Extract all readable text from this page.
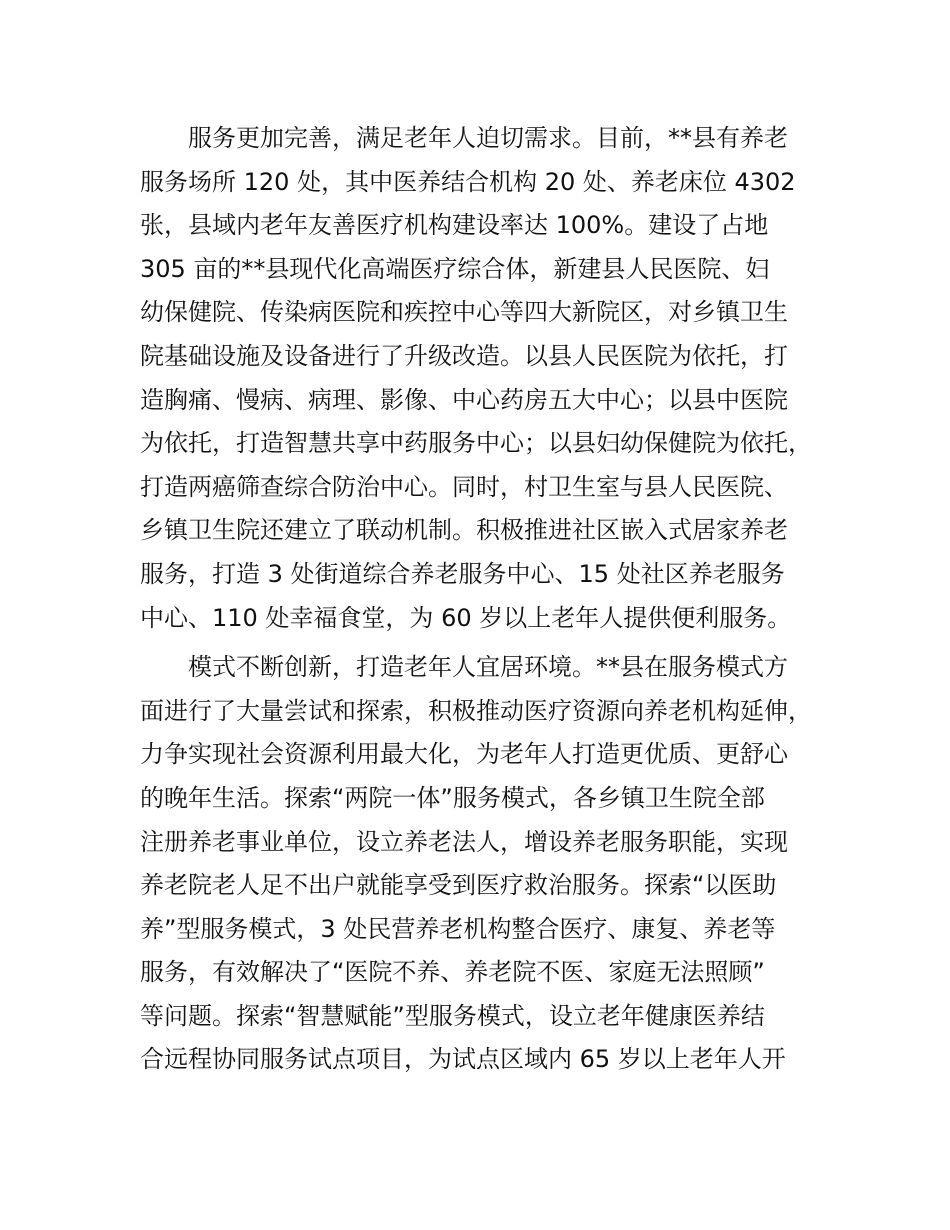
服务更加完善，满足老年人迫切需求。目前，**县有养老
服务场所 120 处，其中医养结合机构 20 处、养老床位 4302
张，县域内老年友善医疗机构建设率达 100%。建设了占地
305 亩的**县现代化高端医疗综合体，新建县人民医院、妇
幼保健院、传染病医院和疾控中心等四大新院区，对乡镇卫生
院基础设施及设备进行了升级改造。以县人民医院为依托，打
造胸痛、慢病、病理、影像、中心药房五大中心；以县中医院
为依托，打造智慧共享中药服务中心；以县妇幼保健院为依托，
打造两癌筛查综合防治中心。同时，村卫生室与县人民医院、
乡镇卫生院还建立了联动机制。积极推进社区嵌入式居家养老
服务，打造 3 处街道综合养老服务中心、15 处社区养老服务
中心、110 处幸福食堂，为 60 岁以上老年人提供便利服务。
模式不断创新，打造老年人宜居环境。**县在服务模式方
面进行了大量尝试和探索，积极推动医疗资源向养老机构延伸，
力争实现社会资源利用最大化，为老年人打造更优质、更舒心
的晚年生活。探索“两院一体”服务模式，各乡镇卫生院全部
注册养老事业单位，设立养老法人，增设养老服务职能，实现
养老院老人足不出户就能享受到医疗救治服务。探索“以医助
养”型服务模式，3 处民营养老机构整合医疗、康复、养老等
服务，有效解决了“医院不养、养老院不医、家庭无法照顾”
等问题。探索“智慧赋能”型服务模式，设立老年健康医养结
合远程协同服务试点项目，为试点区域内 65 岁以上老年人开
